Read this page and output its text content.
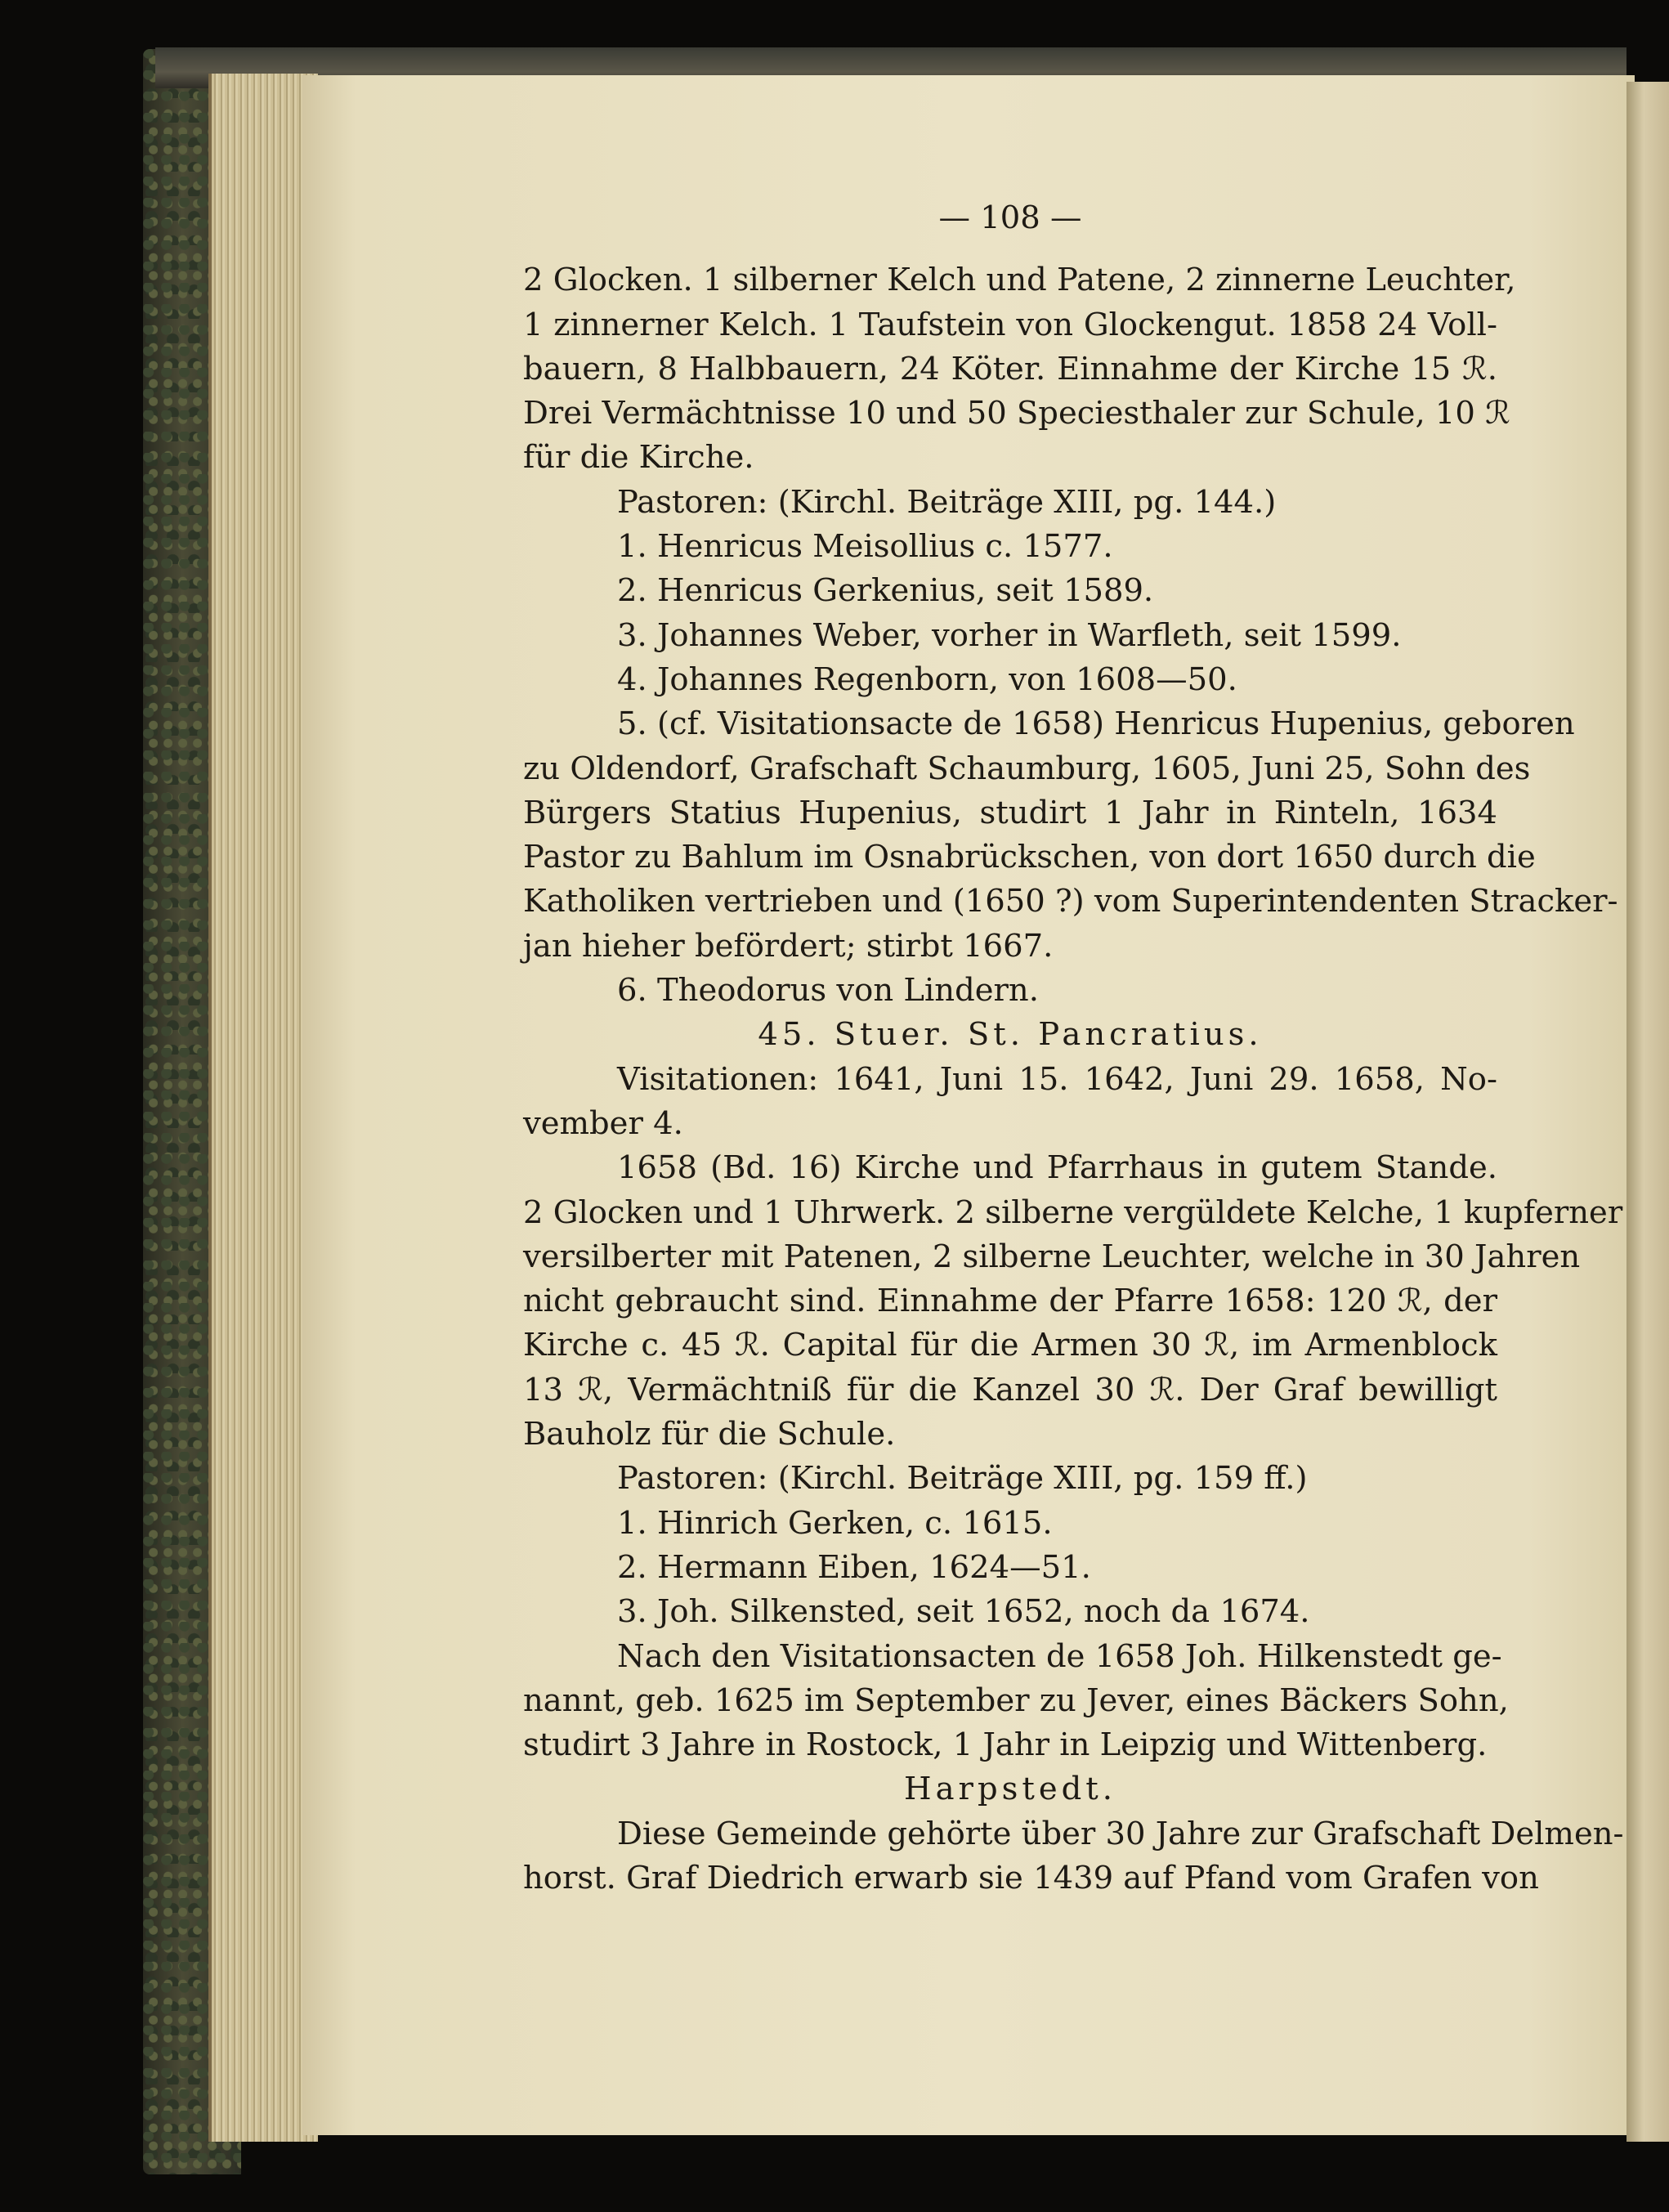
— 108 —
2 Glocken. 1 silberner Kelch und Patene, 2 zinnerne Leuchter,
1 zinnerner Kelch. 1 Taufstein von Glockengut. 1858 24 Voll-
bauern, 8 Halbbauern, 24 Köter. Einnahme der Kirche 15 ℛ.
Drei Vermächtnisse 10 und 50 Speciesthaler zur Schule, 10 ℛ
für die Kirche.
Pastoren: (Kirchl. Beiträge XIII, pg. 144.)
1. Henricus Meisollius c. 1577.
2. Henricus Gerkenius, seit 1589.
3. Johannes Weber, vorher in Warfleth, seit 1599.
4. Johannes Regenborn, von 1608—50.
5. (cf. Visitationsacte de 1658) Henricus Hupenius, geboren
zu Oldendorf, Grafschaft Schaumburg, 1605, Juni 25, Sohn des
Bürgers Statius Hupenius, studirt 1 Jahr in Rinteln, 1634
Pastor zu Bahlum im Osnabrückschen, von dort 1650 durch die
Katholiken vertrieben und (1650 ?) vom Superintendenten Stracker-
jan hieher befördert; stirbt 1667.
6. Theodorus von Lindern.
45. Stuer. St. Pancratius.
Visitationen: 1641, Juni 15. 1642, Juni 29. 1658, No-
vember 4.
1658 (Bd. 16) Kirche und Pfarrhaus in gutem Stande.
2 Glocken und 1 Uhrwerk. 2 silberne vergüldete Kelche, 1 kupferner
versilberter mit Patenen, 2 silberne Leuchter, welche in 30 Jahren
nicht gebraucht sind. Einnahme der Pfarre 1658: 120 ℛ, der
Kirche c. 45 ℛ. Capital für die Armen 30 ℛ, im Armenblock
13 ℛ, Vermächtniß für die Kanzel 30 ℛ. Der Graf bewilligt
Bauholz für die Schule.
Pastoren: (Kirchl. Beiträge XIII, pg. 159 ff.)
1. Hinrich Gerken, c. 1615.
2. Hermann Eiben, 1624—51.
3. Joh. Silkensted, seit 1652, noch da 1674.
Nach den Visitationsacten de 1658 Joh. Hilkenstedt ge-
nannt, geb. 1625 im September zu Jever, eines Bäckers Sohn,
studirt 3 Jahre in Rostock, 1 Jahr in Leipzig und Wittenberg.
Harpstedt.
Diese Gemeinde gehörte über 30 Jahre zur Grafschaft Delmen-
horst. Graf Diedrich erwarb sie 1439 auf Pfand vom Grafen von
